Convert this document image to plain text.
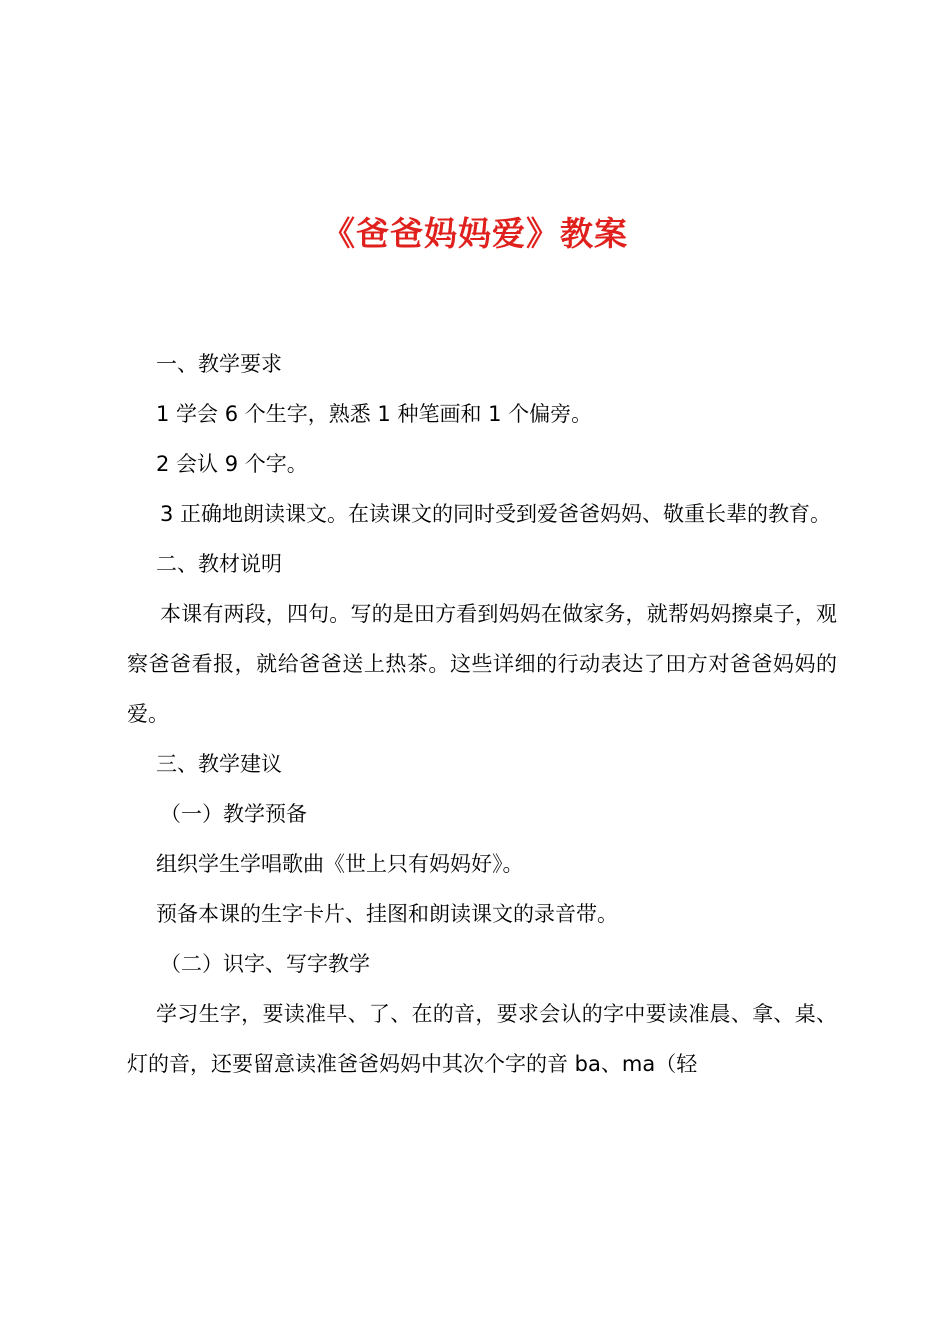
《爸爸妈妈爱》教案

一、教学要求

1 学会 6 个生字，熟悉 1 种笔画和 1 个偏旁。

2 会认 9 个字。

3 正确地朗读课文。在读课文的同时受到爱爸爸妈妈、敬重长辈的教育。

二、教材说明

本课有两段，四句。写的是田方看到妈妈在做家务，就帮妈妈擦桌子，观察爸爸看报，就给爸爸送上热茶。这些详细的行动表达了田方对爸爸妈妈的爱。

三、教学建议

（一）教学预备

组织学生学唱歌曲《世上只有妈妈好》。

预备本课的生字卡片、挂图和朗读课文的录音带。

（二）识字、写字教学

学习生字，要读准早、了、在的音，要求会认的字中要读准晨、拿、桌、灯的音，还要留意读准爸爸妈妈中其次个字的音 ba、ma（轻
